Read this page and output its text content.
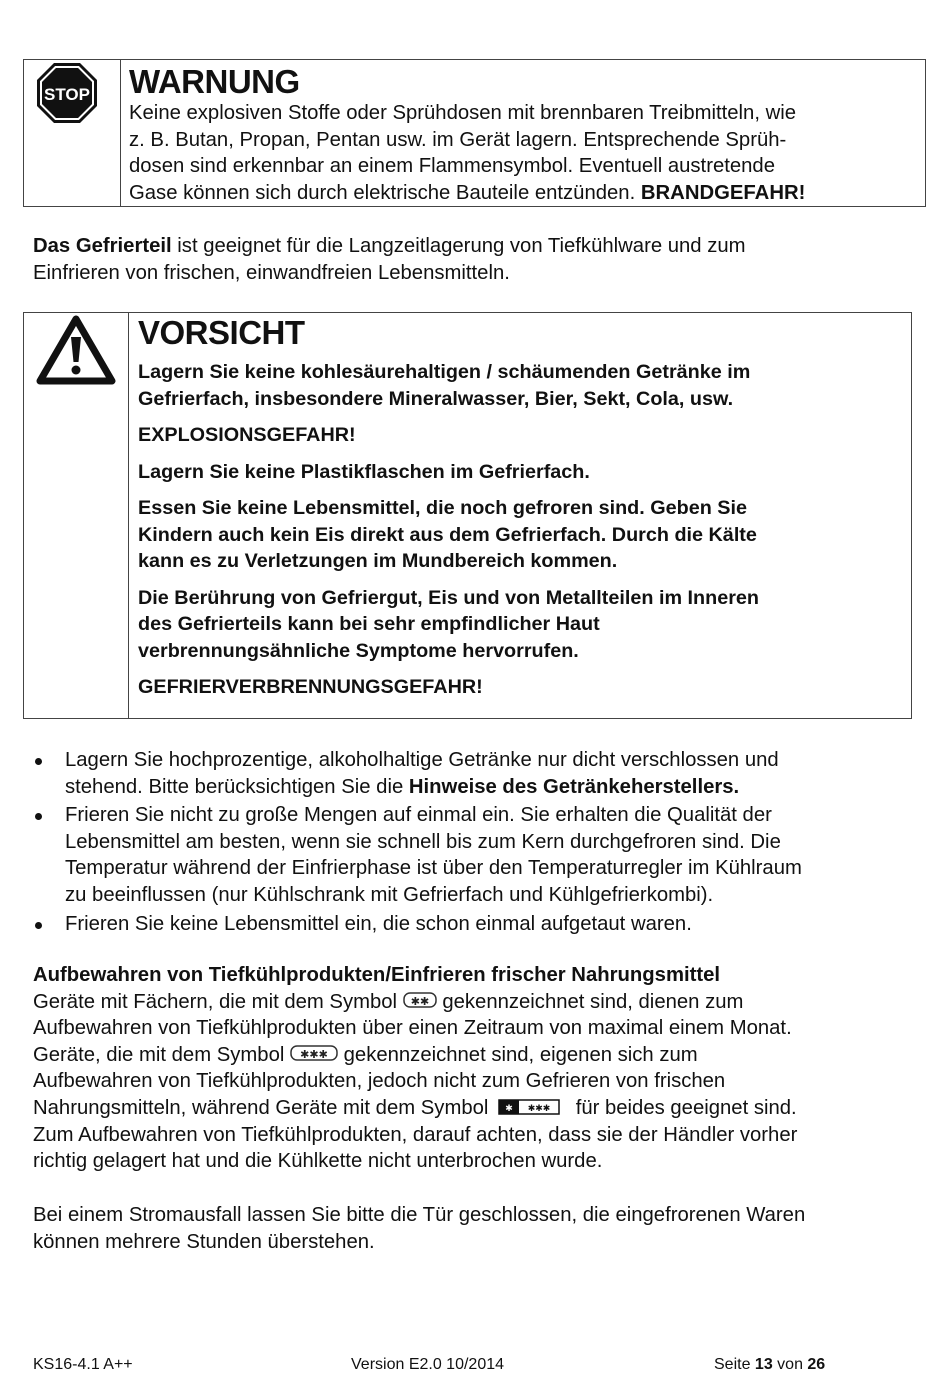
STOP WARNUNG

Keine explosiven Stoffe oder Sprühdosen mit brennbaren Treibmitteln, wie
z. B. Butan, Propan, Pentan usw. im Gerät lagern. Entsprechende Sprüh-
dosen sind erkennbar an einem Flammensymbol. Eventuell austretende
Gase können sich durch elektrische Bauteile entzünden. BRANDGEFAHR!

Das Gefrierteil ist geeignet für die Langzeitlagerung von Tiefkühlware und zum
Einfrieren von frischen, einwandfreien Lebensmitteln.

VORSICHT

Lagern Sie keine kohlesäurehaltigen / schäumenden Getränke im
Gefrierfach, insbesondere Mineralwasser, Bier, Sekt, Cola, usw.

EXPLOSIONSGEFAHR!

Lagern Sie keine Plastikflaschen im Gefrierfach.

Essen Sie keine Lebensmittel, die noch gefroren sind. Geben Sie
Kindern auch kein Eis direkt aus dem Gefrierfach. Durch die Kälte
kann es zu Verletzungen im Mundbereich kommen.

Die Berührung von Gefriergut, Eis und von Metallteilen im Inneren
des Gefrierteils kann bei sehr empfindlicher Haut
verbrennungsähnliche Symptome hervorrufen.

GEFRIERVERBRENNUNGSGEFAHR!

Lagern Sie hochprozentige, alkoholhaltige Getränke nur dicht verschlossen und
stehend. Bitte berücksichtigen Sie die Hinweise des Getränkeherstellers.
Frieren Sie nicht zu große Mengen auf einmal ein. Sie erhalten die Qualität der
Lebensmittel am besten, wenn sie schnell bis zum Kern durchgefroren sind. Die
Temperatur während der Einfrierphase ist über den Temperaturregler im Kühlraum
zu beeinflussen (nur Kühlschrank mit Gefrierfach und Kühlgefrierkombi).
Frieren Sie keine Lebensmittel ein, die schon einmal aufgetaut waren.

Aufbewahren von Tiefkühlprodukten/Einfrieren frischer Nahrungsmittel
Geräte mit Fächern, die mit dem Symbol ✱✱ gekennzeichnet sind, dienen zum
Aufbewahren von Tiefkühlprodukten über einen Zeitraum von maximal einem Monat.
Geräte, die mit dem Symbol ✱✱✱ gekennzeichnet sind, eigenen sich zum
Aufbewahren von Tiefkühlprodukten, jedoch nicht zum Gefrieren von frischen
Nahrungsmitteln, während Geräte mit dem Symbol ✱ ✱✱✱ für beides geeignet sind.
Zum Aufbewahren von Tiefkühlprodukten, darauf achten, dass sie der Händler vorher
richtig gelagert hat und die Kühlkette nicht unterbrochen wurde.

Bei einem Stromausfall lassen Sie bitte die Tür geschlossen, die eingefrorenen Waren
können mehrere Stunden überstehen.

KS16-4.1 A++	Version E2.0 10/2014	Seite 13 von 26
